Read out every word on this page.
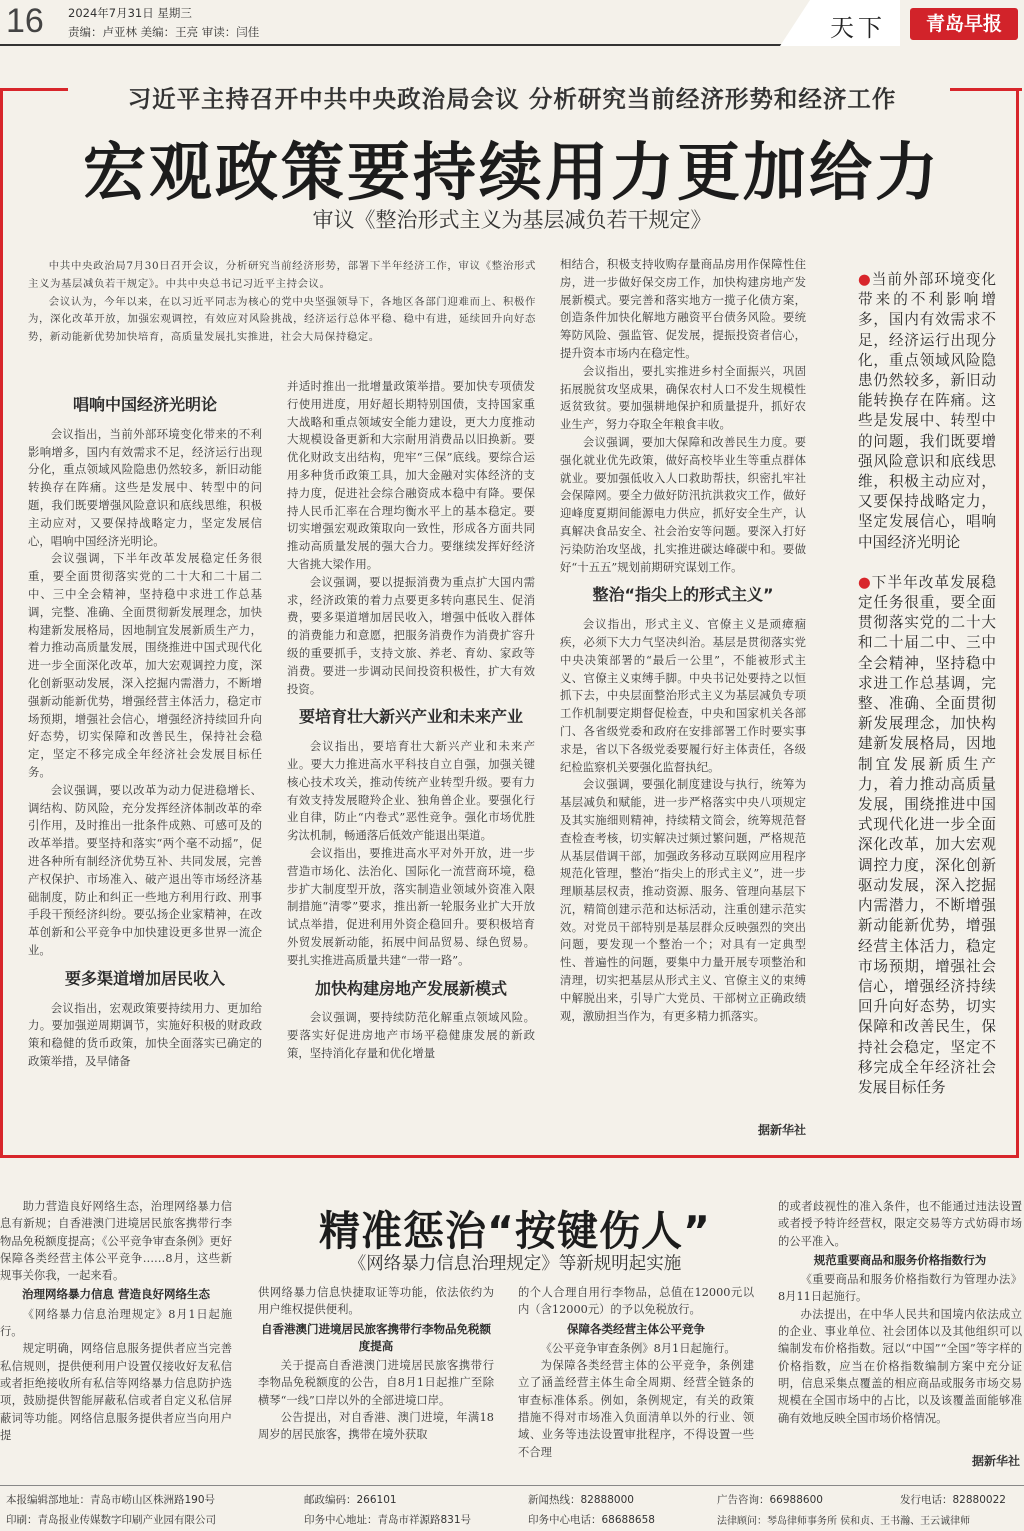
16 2024年7月31日 星期三
责编：卢亚林 美编：王亮 审读：闫佳	天下	青岛早报
习近平主持召开中共中央政治局会议 分析研究当前经济形势和经济工作
宏观政策要持续用力更加给力
审议《整治形式主义为基层减负若干规定》

中共中央政治局7月30日召开会议，分析研究当前经济形势，部署下半年经济工作，审议《整治形式主义为基层减负若干规定》。中共中央总书记习近平主持会议。

会议认为，今年以来，在以习近平同志为核心的党中央坚强领导下，各地区各部门迎难而上、积极作为，深化改革开放，加强宏观调控，有效应对风险挑战，经济运行总体平稳、稳中有进，延续回升向好态势，新动能新优势加快培育，高质量发展扎实推进，社会大局保持稳定。

唱响中国经济光明论

会议指出，当前外部环境变化带来的不利影响增多，国内有效需求不足，经济运行出现分化，重点领域风险隐患仍然较多，新旧动能转换存在阵痛。这些是发展中、转型中的问题，我们既要增强风险意识和底线思维，积极主动应对，又要保持战略定力，坚定发展信心，唱响中国经济光明论。

会议强调，下半年改革发展稳定任务很重，要全面贯彻落实党的二十大和二十届二中、三中全会精神，坚持稳中求进工作总基调，完整、准确、全面贯彻新发展理念，加快构建新发展格局，因地制宜发展新质生产力，着力推动高质量发展，围绕推进中国式现代化进一步全面深化改革，加大宏观调控力度，深化创新驱动发展，深入挖掘内需潜力，不断增强新动能新优势，增强经营主体活力，稳定市场预期，增强社会信心，增强经济持续回升向好态势，切实保障和改善民生，保持社会稳定，坚定不移完成全年经济社会发展目标任务。

会议强调，要以改革为动力促进稳增长、调结构、防风险，充分发挥经济体制改革的牵引作用，及时推出一批条件成熟、可感可及的改革举措。要坚持和落实“两个毫不动摇”，促进各种所有制经济优势互补、共同发展，完善产权保护、市场准入、破产退出等市场经济基础制度，防止和纠正一些地方利用行政、刑事手段干预经济纠纷。要弘扬企业家精神，在改革创新和公平竞争中加快建设更多世界一流企业。

要多渠道增加居民收入

会议指出，宏观政策要持续用力、更加给力。要加强逆周期调节，实施好积极的财政政策和稳健的货币政策，加快全面落实已确定的政策举措，及早储备

并适时推出一批增量政策举措。要加快专项债发行使用进度，用好超长期特别国债，支持国家重大战略和重点领域安全能力建设，更大力度推动大规模设备更新和大宗耐用消费品以旧换新。要优化财政支出结构，兜牢“三保”底线。要综合运用多种货币政策工具，加大金融对实体经济的支持力度，促进社会综合融资成本稳中有降。要保持人民币汇率在合理均衡水平上的基本稳定。要切实增强宏观政策取向一致性，形成各方面共同推动高质量发展的强大合力。要继续发挥好经济大省挑大梁作用。

会议强调，要以提振消费为重点扩大国内需求，经济政策的着力点要更多转向惠民生、促消费，要多渠道增加居民收入，增强中低收入群体的消费能力和意愿，把服务消费作为消费扩容升级的重要抓手，支持文旅、养老、育幼、家政等消费。要进一步调动民间投资积极性，扩大有效投资。

要培育壮大新兴产业和未来产业

会议指出，要培育壮大新兴产业和未来产业。要大力推进高水平科技自立自强，加强关键核心技术攻关，推动传统产业转型升级。要有力有效支持发展瞪羚企业、独角兽企业。要强化行业自律，防止“内卷式”恶性竞争。强化市场优胜劣汰机制，畅通落后低效产能退出渠道。

会议指出，要推进高水平对外开放，进一步营造市场化、法治化、国际化一流营商环境，稳步扩大制度型开放，落实制造业领域外资准入限制措施“清零”要求，推出新一轮服务业扩大开放试点举措，促进利用外资企稳回升。要积极培育外贸发展新动能，拓展中间品贸易、绿色贸易。要扎实推进高质量共建“一带一路”。

加快构建房地产发展新模式

会议强调，要持续防范化解重点领域风险。要落实好促进房地产市场平稳健康发展的新政策，坚持消化存量和优化增量

相结合，积极支持收购存量商品房用作保障性住房，进一步做好保交房工作，加快构建房地产发展新模式。要完善和落实地方一揽子化债方案，创造条件加快化解地方融资平台债务风险。要统筹防风险、强监管、促发展，提振投资者信心，提升资本市场内在稳定性。

会议指出，要扎实推进乡村全面振兴，巩固拓展脱贫攻坚成果，确保农村人口不发生规模性返贫致贫。要加强耕地保护和质量提升，抓好农业生产，努力夺取全年粮食丰收。

会议强调，要加大保障和改善民生力度。要强化就业优先政策，做好高校毕业生等重点群体就业。要加强低收入人口救助帮扶，织密扎牢社会保障网。要全力做好防汛抗洪救灾工作，做好迎峰度夏期间能源电力供应，抓好安全生产，认真解决食品安全、社会治安等问题。要深入打好污染防治攻坚战，扎实推进碳达峰碳中和。要做好“十五五”规划前期研究谋划工作。

整治“指尖上的形式主义”

会议指出，形式主义、官僚主义是顽瘴痼疾，必须下大力气坚决纠治。基层是贯彻落实党中央决策部署的“最后一公里”，不能被形式主义、官僚主义束缚手脚。中央书记处要持之以恒抓下去，中央层面整治形式主义为基层减负专项工作机制要定期督促检查，中央和国家机关各部门、各省级党委和政府在安排部署工作时要实事求是，省以下各级党委要履行好主体责任，各级纪检监察机关要强化监督执纪。

会议强调，要强化制度建设与执行，统筹为基层减负和赋能，进一步严格落实中央八项规定及其实施细则精神，持续精文简会，统筹规范督查检查考核，切实解决过频过繁问题，严格规范从基层借调干部，加强政务移动互联网应用程序规范化管理，整治“指尖上的形式主义”，进一步理顺基层权责，推动资源、服务、管理向基层下沉，精简创建示范和达标活动，注重创建示范实效。对党员干部特别是基层群众反映强烈的突出问题，要发现一个整治一个；对具有一定典型性、普遍性的问题，要集中力量开展专项整治和清理，切实把基层从形式主义、官僚主义的束缚中解脱出来，引导广大党员、干部树立正确政绩观，激励担当作为，有更多精力抓落实。

据新华社

●当前外部环境变化带来的不利影响增多，国内有效需求不足，经济运行出现分化，重点领域风险隐患仍然较多，新旧动能转换存在阵痛。这些是发展中、转型中的问题，我们既要增强风险意识和底线思维，积极主动应对，又要保持战略定力，坚定发展信心，唱响中国经济光明论

●下半年改革发展稳定任务很重，要全面贯彻落实党的二十大和二十届二中、三中全会精神，坚持稳中求进工作总基调，完整、准确、全面贯彻新发展理念，加快构建新发展格局，因地制宜发展新质生产力，着力推动高质量发展，围绕推进中国式现代化进一步全面深化改革，加大宏观调控力度，深化创新驱动发展，深入挖掘内需潜力，不断增强新动能新优势，增强经营主体活力，稳定市场预期，增强社会信心，增强经济持续回升向好态势，切实保障和改善民生，保持社会稳定，坚定不移完成全年经济社会发展目标任务

精准惩治“按键伤人”
《网络暴力信息治理规定》等新规明起实施

助力营造良好网络生态，治理网络暴力信息有新规；自香港澳门进境居民旅客携带行李物品免税额度提高；《公平竞争审查条例》更好保障各类经营主体公平竞争……8月，这些新规事关你我，一起来看。

治理网络暴力信息 营造良好网络生态

《网络暴力信息治理规定》8月1日起施行。

规定明确，网络信息服务提供者应当完善私信规则，提供便利用户设置仅接收好友私信或者拒绝接收所有私信等网络暴力信息防护选项，鼓励提供智能屏蔽私信或者自定义私信屏蔽词等功能。网络信息服务提供者应当向用户提

供网络暴力信息快捷取证等功能，依法依约为用户维权提供便利。

自香港澳门进境居民旅客携带行李物品免税额度提高

关于提高自香港澳门进境居民旅客携带行李物品免税额度的公告，自8月1日起推广至除横琴“一线”口岸以外的全部进境口岸。

公告提出，对自香港、澳门进境，年满18周岁的居民旅客，携带在境外获取

的个人合理自用行李物品，总值在12000元以内（含12000元）的予以免税放行。

保障各类经营主体公平竞争

《公平竞争审查条例》8月1日起施行。

为保障各类经营主体的公平竞争，条例建立了涵盖经营主体生命全周期、经营全链条的审查标准体系。例如，条例规定，有关的政策措施不得对市场准入负面清单以外的行业、领域、业务等违法设置审批程序，不得设置一些不合理

的或者歧视性的准入条件，也不能通过违法设置或者授予特许经营权，限定交易等方式妨碍市场的公平准入。

规范重要商品和服务价格指数行为

《重要商品和服务价格指数行为管理办法》8月11日起施行。

办法提出，在中华人民共和国境内依法成立的企业、事业单位、社会团体以及其他组织可以编制发布价格指数。冠以“中国”“全国”等字样的价格指数，应当在价格指数编制方案中充分证明，信息采集点覆盖的相应商品或服务市场交易规模在全国市场中的占比，以及该覆盖面能够准确有效地反映全国市场价格情况。

据新华社
本报编辑部地址：青岛市崂山区株洲路190号
印刷：青岛报业传媒数字印刷产业园有限公司
邮政编码：266101
印务中心地址：青岛市祥源路831号
新闻热线：82888000
印务中心电话：68688658
广告咨询：66988600
法律顾问：琴岛律师事务所 侯和贞、王书瀚、王云诚律师
发行电话：82880022
